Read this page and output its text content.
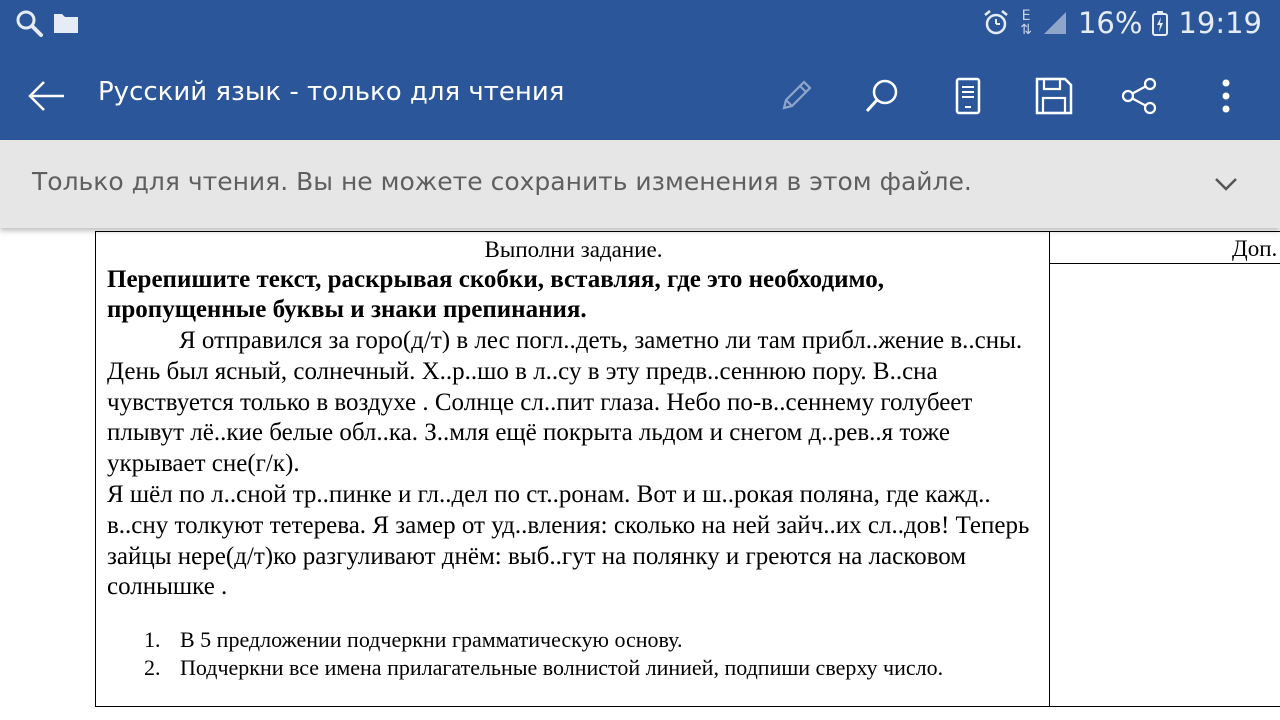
E
⇅ 16% 19:19
Русский язык - только для чтения
Только для чтения. Вы не можете сохранить изменения в этом файле.
Выполни задание.
Перепишите текст, раскрывая скобки, вставляя, где это необходимо, пропущенные буквы и знаки препинания.

Я отправился за горо(д/т) в лес погл..деть, заметно ли там прибл..жение в..сны. День был ясный, солнечный. Х..р..шо в л..су в эту предв..сеннюю пору. В..сна чувствуется только в воздухе . Солнце сл..пит глаза. Небо по-в..сеннему голубеет плывут лё..кие белые обл..ка. З..мля ещё покрыта льдом и снегом д..рев..я тоже укрывает сне(г/к).

Я шёл по л..сной тр..пинке и гл..дел по ст..ронам. Вот и ш..рокая поляна, где кажд.. в..сну толкуют тетерева. Я замер от уд..вления: сколько на ней зайч..их сл..дов! Теперь зайцы нере(д/т)ко разгуливают днём: выб..гут на полянку и греются на ласковом солнышке .

1. В 5 предложении подчеркни грамматическую основу.
2. Подчеркни все имена прилагательные волнистой линией, подпиши сверху число.
Доп.
